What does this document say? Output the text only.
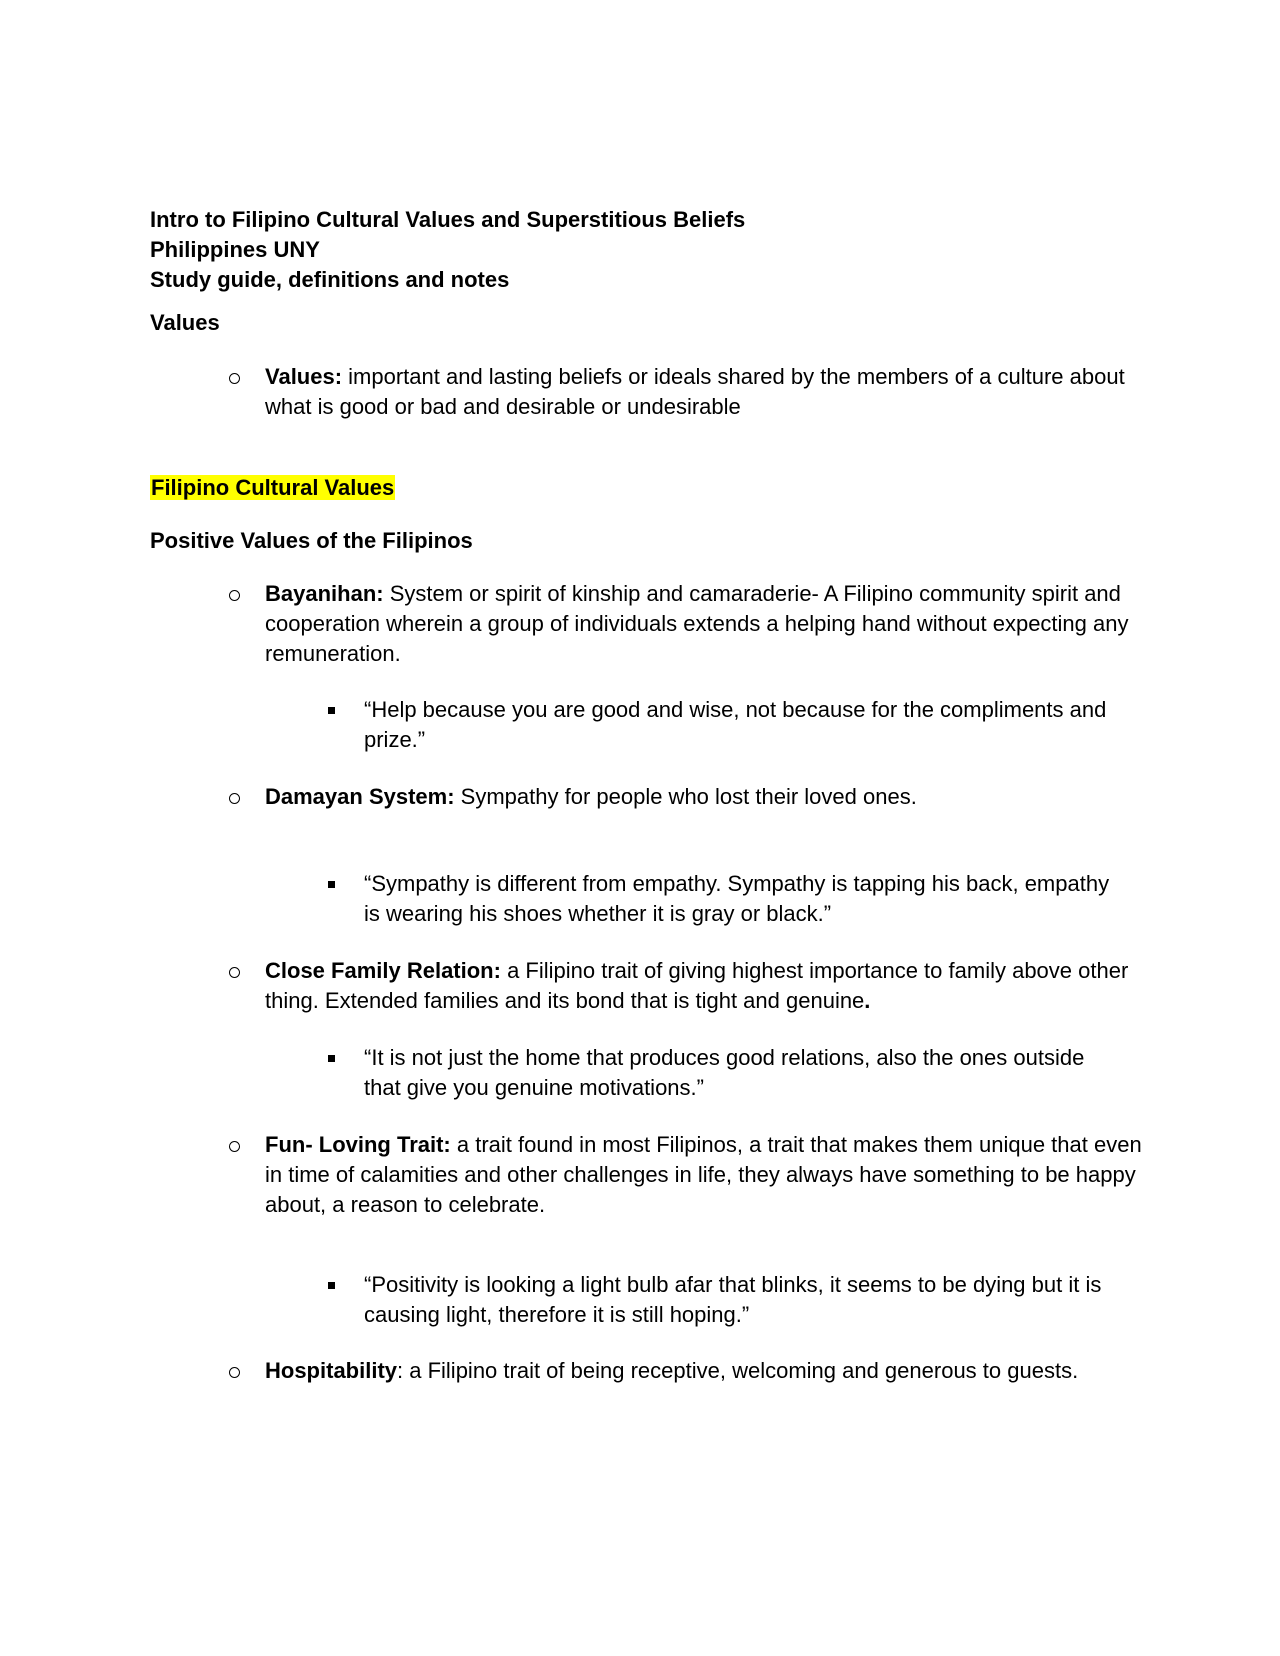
Intro to Filipino Cultural Values and Superstitious Beliefs
Philippines UNY
Study guide, definitions and notes
Values
Values: important and lasting beliefs or ideals shared by the members of a culture about what is good or bad and desirable or undesirable
Filipino Cultural Values
Positive Values of the Filipinos
Bayanihan: System or spirit of kinship and camaraderie- A Filipino community spirit and cooperation wherein a group of individuals extends a helping hand without expecting any remuneration.
“Help because you are good and wise, not because for the compliments and prize.”
Damayan System: Sympathy for people who lost their loved ones.
“Sympathy is different from empathy. Sympathy is tapping his back, empathy is wearing his shoes whether it is gray or black.”
Close Family Relation: a Filipino trait of giving highest importance to family above other thing. Extended families and its bond that is tight and genuine.
“It is not just the home that produces good relations, also the ones outside that give you genuine motivations.”
Fun- Loving Trait: a trait found in most Filipinos, a trait that makes them unique that even in time of calamities and other challenges in life, they always have something to be happy about, a reason to celebrate.
“Positivity is looking a light bulb afar that blinks, it seems to be dying but it is causing light, therefore it is still hoping.”
Hospitability: a Filipino trait of being receptive, welcoming and generous to guests.
